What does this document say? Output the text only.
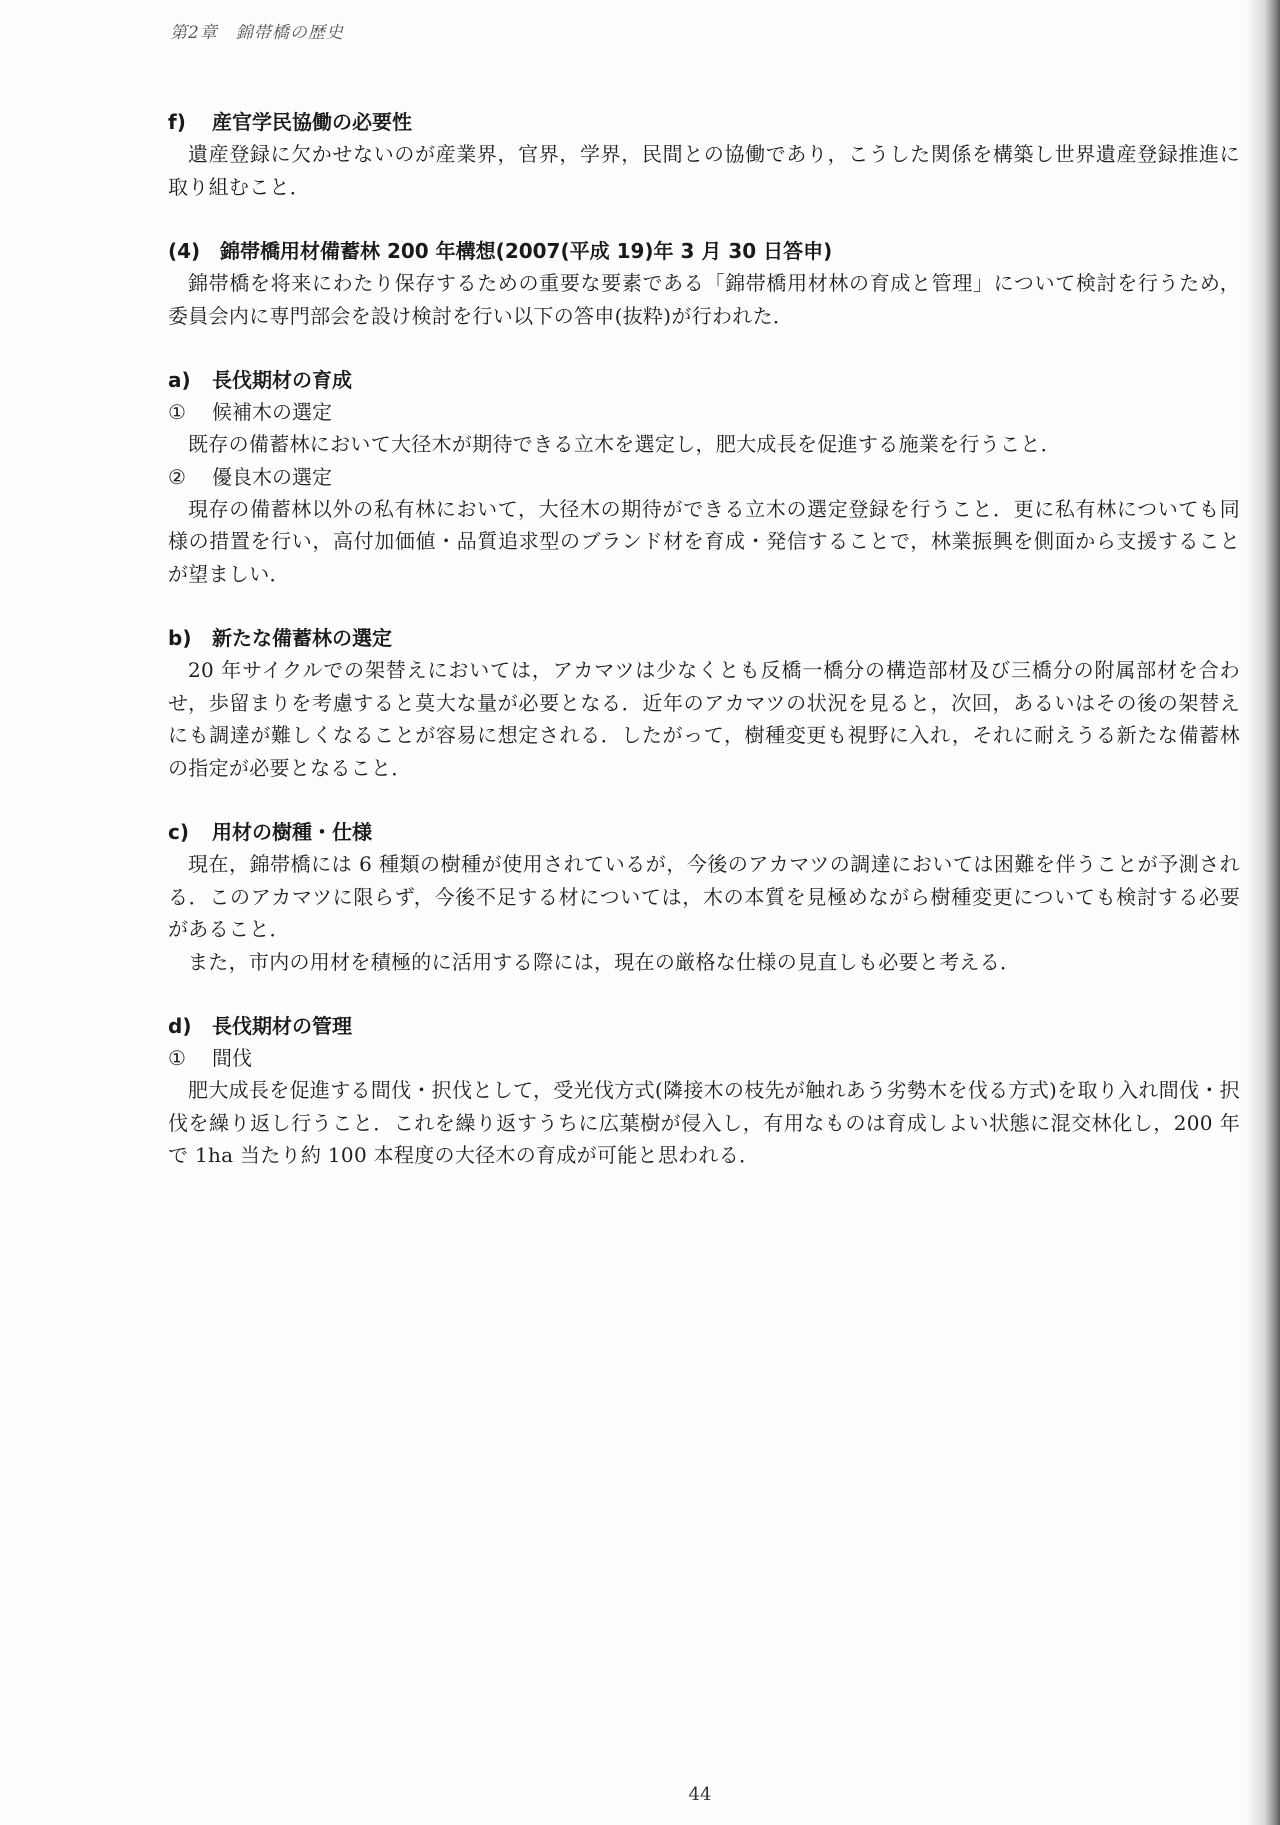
第2章　錦帯橋の歴史
f) 産官学民協働の必要性

遺産登録に欠かせないのが産業界，官界，学界，民間との協働であり，こうした関係を構築し世界遺産登録推進に取り組むこと．

(4) 錦帯橋用材備蓄林 200 年構想(2007(平成 19)年 3 月 30 日答申)

錦帯橋を将来にわたり保存するための重要な要素である「錦帯橋用材林の育成と管理」について検討を行うため，委員会内に専門部会を設け検討を行い以下の答申(抜粋)が行われた．

a) 長伐期材の育成

① 候補木の選定

既存の備蓄林において大径木が期待できる立木を選定し，肥大成長を促進する施業を行うこと．

② 優良木の選定

現存の備蓄林以外の私有林において，大径木の期待ができる立木の選定登録を行うこと．更に私有林についても同様の措置を行い，高付加価値・品質追求型のブランド材を育成・発信することで，林業振興を側面から支援することが望ましい．

b) 新たな備蓄林の選定

20 年サイクルでの架替えにおいては，アカマツは少なくとも反橋一橋分の構造部材及び三橋分の附属部材を合わせ，歩留まりを考慮すると莫大な量が必要となる．近年のアカマツの状況を見ると，次回，あるいはその後の架替えにも調達が難しくなることが容易に想定される．したがって，樹種変更も視野に入れ，それに耐えうる新たな備蓄林の指定が必要となること．

c) 用材の樹種・仕様

現在，錦帯橋には 6 種類の樹種が使用されているが，今後のアカマツの調達においては困難を伴うことが予測される．このアカマツに限らず，今後不足する材については，木の本質を見極めながら樹種変更についても検討する必要があること．

また，市内の用材を積極的に活用する際には，現在の厳格な仕様の見直しも必要と考える．

d) 長伐期材の管理

① 間伐

肥大成長を促進する間伐・択伐として，受光伐方式(隣接木の枝先が触れあう劣勢木を伐る方式)を取り入れ間伐・択伐を繰り返し行うこと．これを繰り返すうちに広葉樹が侵入し，有用なものは育成しよい状態に混交林化し，200 年で 1ha 当たり約 100 本程度の大径木の育成が可能と思われる．

44
